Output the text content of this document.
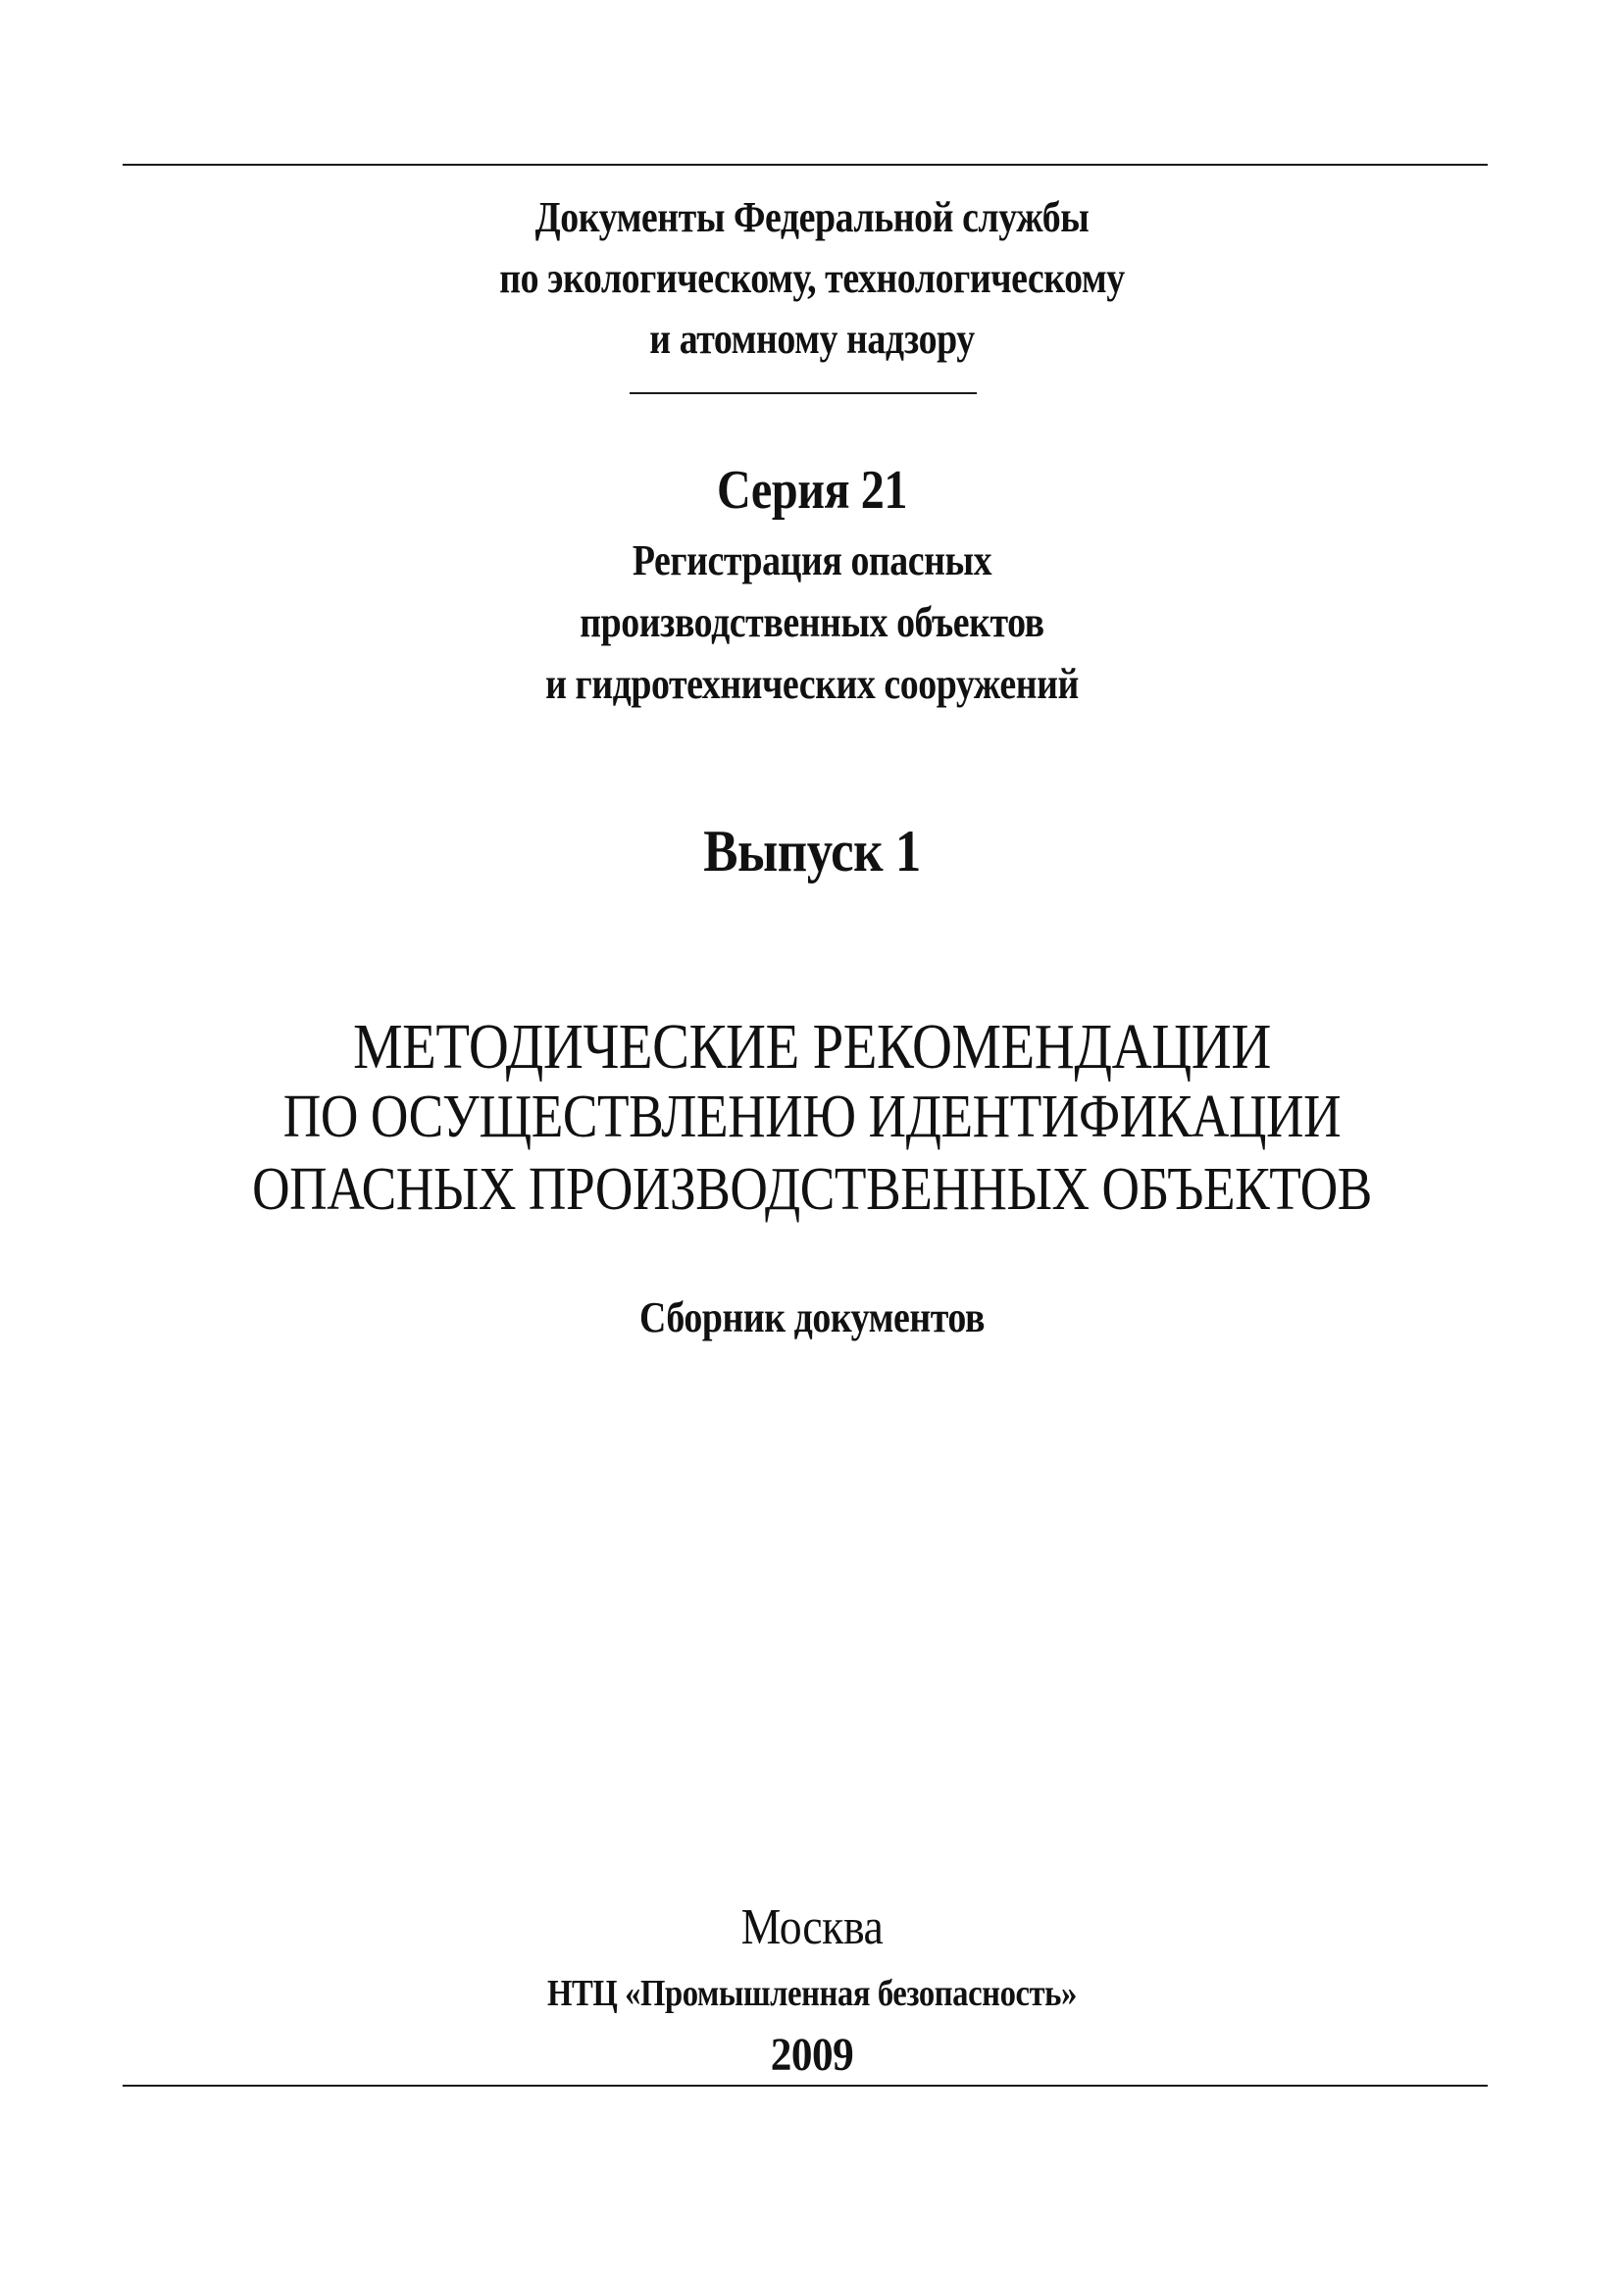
Документы Федеральной службы
по экологическому, технологическому
и атомному надзору
Серия 21
Регистрация опасных
производственных объектов
и гидротехнических сооружений
Выпуск 1
МЕТОДИЧЕСКИЕ РЕКОМЕНДАЦИИ
ПО ОСУЩЕСТВЛЕНИЮ ИДЕНТИФИКАЦИИ
ОПАСНЫХ ПРОИЗВОДСТВЕННЫХ ОБЪЕКТОВ
Сборник документов
Москва
НТЦ «Промышленная безопасность»
2009
